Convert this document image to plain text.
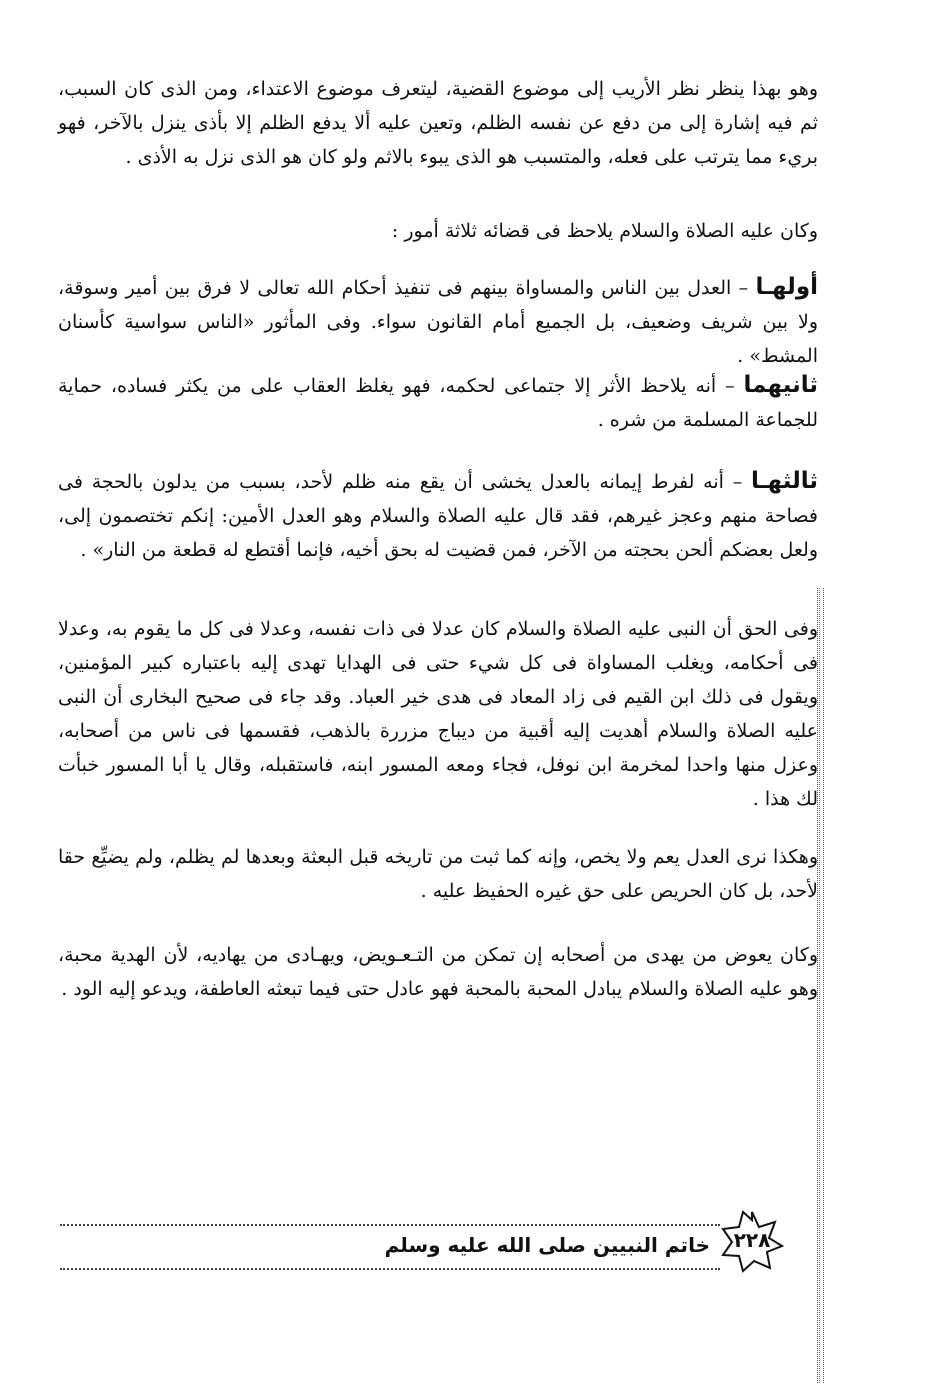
وهو بهذا ينظر نظر الأريب إلى موضوع القضية، ليتعرف موضوع الاعتداء، ومن الذى كان السبب، ثم فيه إشارة إلى من دفع عن نفسه الظلم، وتعين عليه ألا يدفع الظلم إلا بأذى ينزل بالآخر، فهو بريء مما يترتب على فعله، والمتسبب هو الذى يبوء بالاثم ولو كان هو الذى نزل به الأذى .

وكان عليه الصلاة والسلام يلاحظ فى قضائه ثلاثة أمور :

أولهـا – العدل بين الناس والمساواة بينهم فى تنفيذ أحكام الله تعالى لا فرق بين أمير وسوقة، ولا بين شريف وضعيف، بل الجميع أمام القانون سواء. وفى المأثور «الناس سواسية كأسنان المشط» .

ثانيهما – أنه يلاحظ الأثر إلا جتماعى لحكمه، فهو يغلظ العقاب على من يكثر فساده، حماية للجماعة المسلمة من شره .

ثالثهـا – أنه لفرط إيمانه بالعدل يخشى أن يقع منه ظلم لأحد، بسبب من يدلون بالحجة فى فصاحة منهم وعجز غيرهم، فقد قال عليه الصلاة والسلام وهو العدل الأمين: إنكم تختصمون إلى، ولعل بعضكم ألحن بحجته من الآخر، فمن قضيت له بحق أخيه، فإنما أقتطع له قطعة من النار» .

وفى الحق أن النبى عليه الصلاة والسلام كان عدلا فى ذات نفسه، وعدلا فى كل ما يقوم به، وعدلا فى أحكامه، ويغلب المساواة فى كل شيء حتى فى الهدايا تهدى إليه باعتباره كبير المؤمنين، ويقول فى ذلك ابن القيم فى زاد المعاد فى هدى خير العباد. وقد جاء فى صحيح البخارى أن النبى عليه الصلاة والسلام أهديت إليه أقبية من ديباج مزررة بالذهب، فقسمها فى ناس من أصحابه، وعزل منها واحدا لمخرمة ابن نوفل، فجاء ومعه المسور ابنه، فاستقبله، وقال يا أبا المسور خبأت لك هذا .

وهكذا نرى العدل يعم ولا يخص، وإنه كما ثبت من تاريخه قبل البعثة وبعدها لم يظلم، ولم يضيِّع حقا لأحد، بل كان الحريص على حق غيره الحفيظ عليه .

وكان يعوض من يهدى من أصحابه إن تمكن من التـعـويض، ويهـادى من يهاديه، لأن الهدية محبة، وهو عليه الصلاة والسلام يبادل المحبة بالمحبة فهو عادل حتى فيما تبعثه العاطفة، ويدعو إليه الود .

خاتم النبيين صلى الله عليه وسلم	٢٢٨
